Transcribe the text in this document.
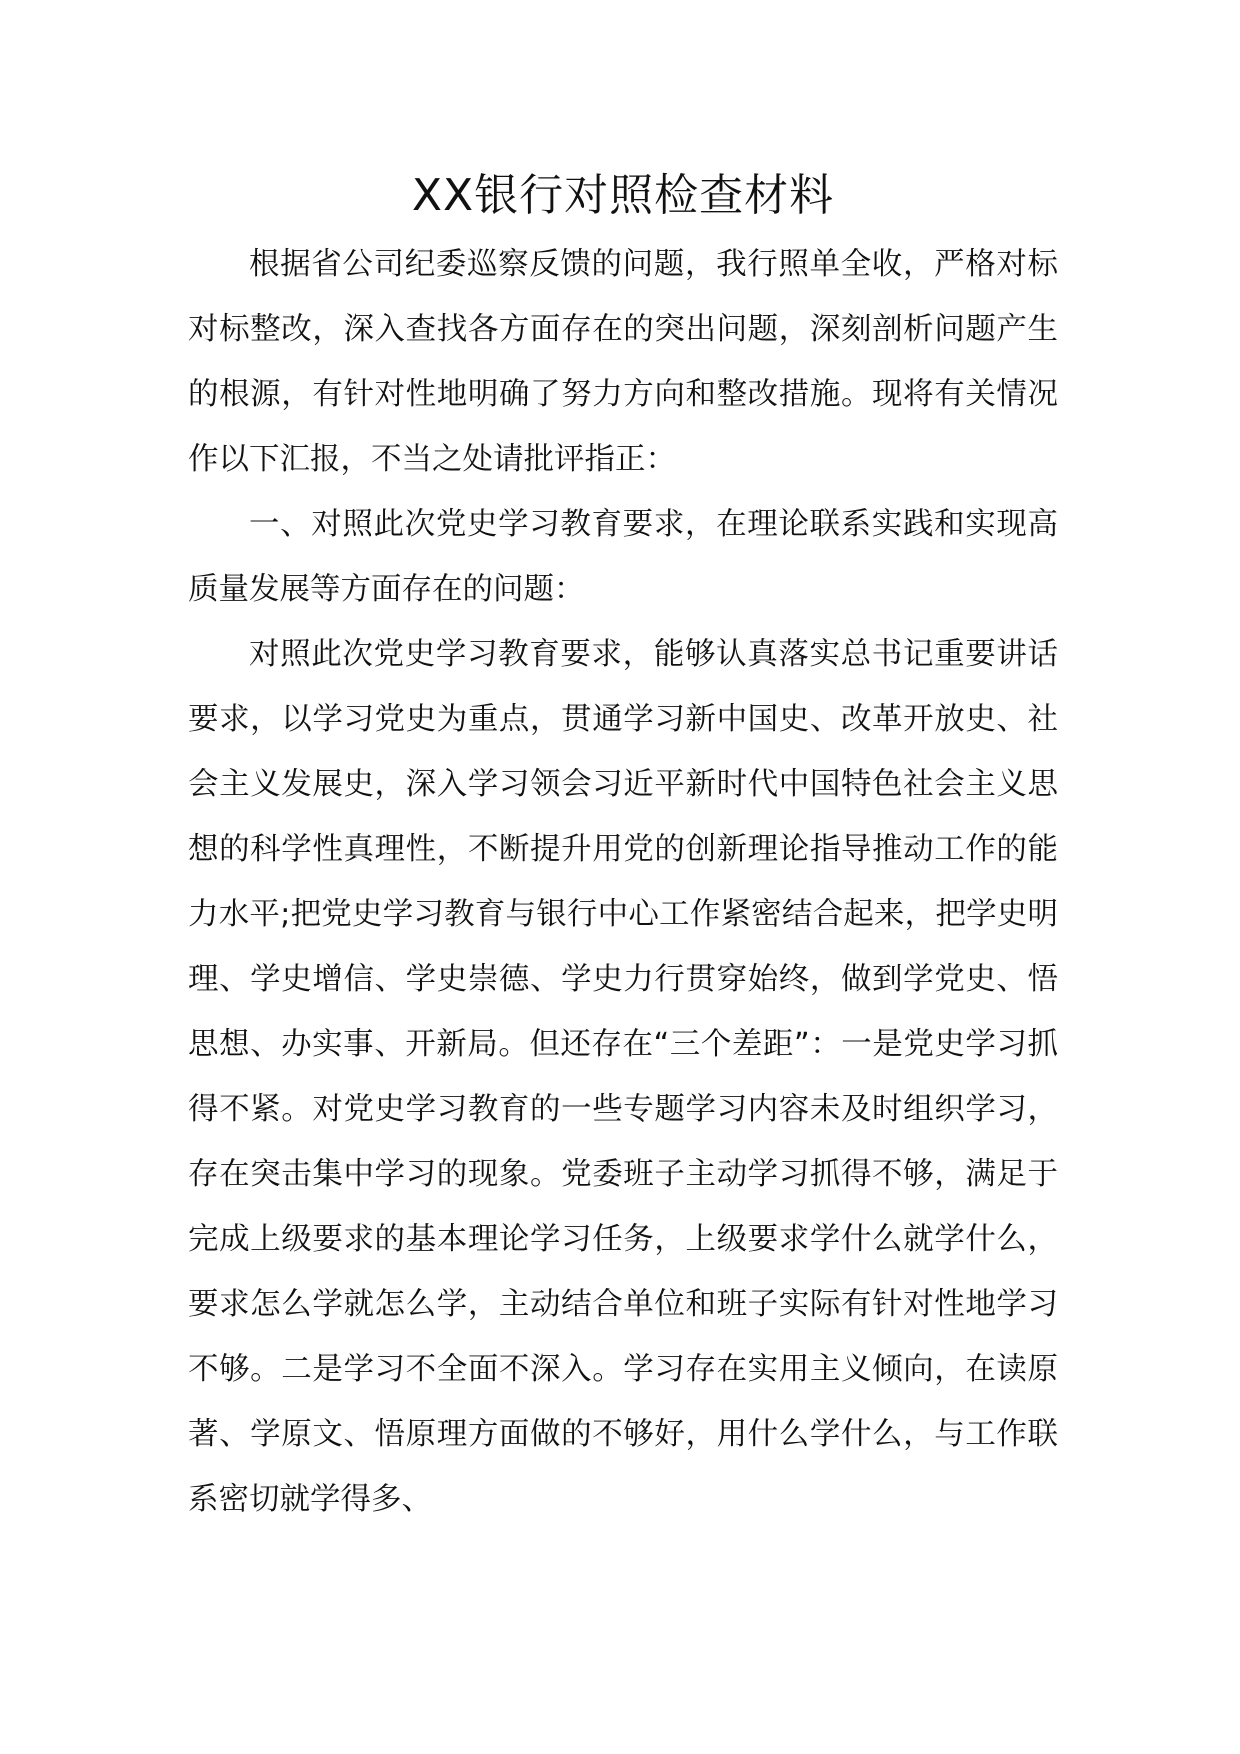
XX银行对照检查材料

根据省公司纪委巡察反馈的问题，我行照单全收，严格对标对标整改，深入查找各方面存在的突出问题，深刻剖析问题产生的根源，有针对性地明确了努力方向和整改措施。现将有关情况作以下汇报，不当之处请批评指正：

一、对照此次党史学习教育要求，在理论联系实践和实现高质量发展等方面存在的问题：

对照此次党史学习教育要求，能够认真落实总书记重要讲话要求，以学习党史为重点，贯通学习新中国史、改革开放史、社会主义发展史，深入学习领会习近平新时代中国特色社会主义思想的科学性真理性，不断提升用党的创新理论指导推动工作的能力水平;把党史学习教育与银行中心工作紧密结合起来，把学史明理、学史增信、学史崇德、学史力行贯穿始终，做到学党史、悟思想、办实事、开新局。但还存在“三个差距”：一是党史学习抓得不紧。对党史学习教育的一些专题学习内容未及时组织学习，存在突击集中学习的现象。党委班子主动学习抓得不够，满足于完成上级要求的基本理论学习任务，上级要求学什么就学什么，要求怎么学就怎么学，主动结合单位和班子实际有针对性地学习不够。二是学习不全面不深入。学习存在实用主义倾向，在读原著、学原文、悟原理方面做的不够好，用什么学什么，与工作联系密切就学得多、
